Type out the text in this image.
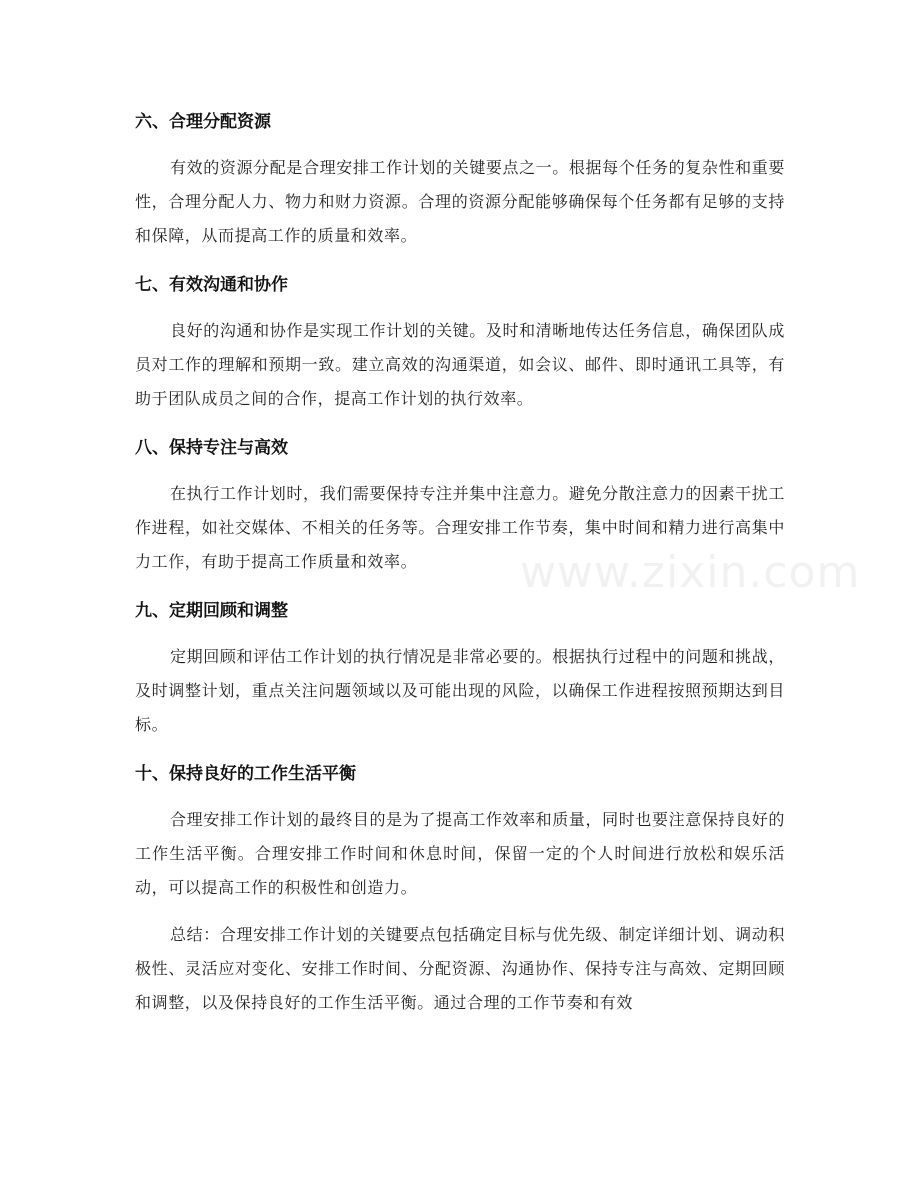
六、合理分配资源

有效的资源分配是合理安排工作计划的关键要点之一。根据每个任务的复杂性和重要性，合理分配人力、物力和财力资源。合理的资源分配能够确保每个任务都有足够的支持和保障，从而提高工作的质量和效率。

七、有效沟通和协作

良好的沟通和协作是实现工作计划的关键。及时和清晰地传达任务信息，确保团队成员对工作的理解和预期一致。建立高效的沟通渠道，如会议、邮件、即时通讯工具等，有助于团队成员之间的合作，提高工作计划的执行效率。

八、保持专注与高效

在执行工作计划时，我们需要保持专注并集中注意力。避免分散注意力的因素干扰工作进程，如社交媒体、不相关的任务等。合理安排工作节奏，集中时间和精力进行高集中力工作，有助于提高工作质量和效率。

九、定期回顾和调整

定期回顾和评估工作计划的执行情况是非常必要的。根据执行过程中的问题和挑战，及时调整计划，重点关注问题领域以及可能出现的风险，以确保工作进程按照预期达到目标。

十、保持良好的工作生活平衡

合理安排工作计划的最终目的是为了提高工作效率和质量，同时也要注意保持良好的工作生活平衡。合理安排工作时间和休息时间，保留一定的个人时间进行放松和娱乐活动，可以提高工作的积极性和创造力。

总结：合理安排工作计划的关键要点包括确定目标与优先级、制定详细计划、调动积极性、灵活应对变化、安排工作时间、分配资源、沟通协作、保持专注与高效、定期回顾和调整，以及保持良好的工作生活平衡。通过合理的工作节奏和有效

www.zixin.com
